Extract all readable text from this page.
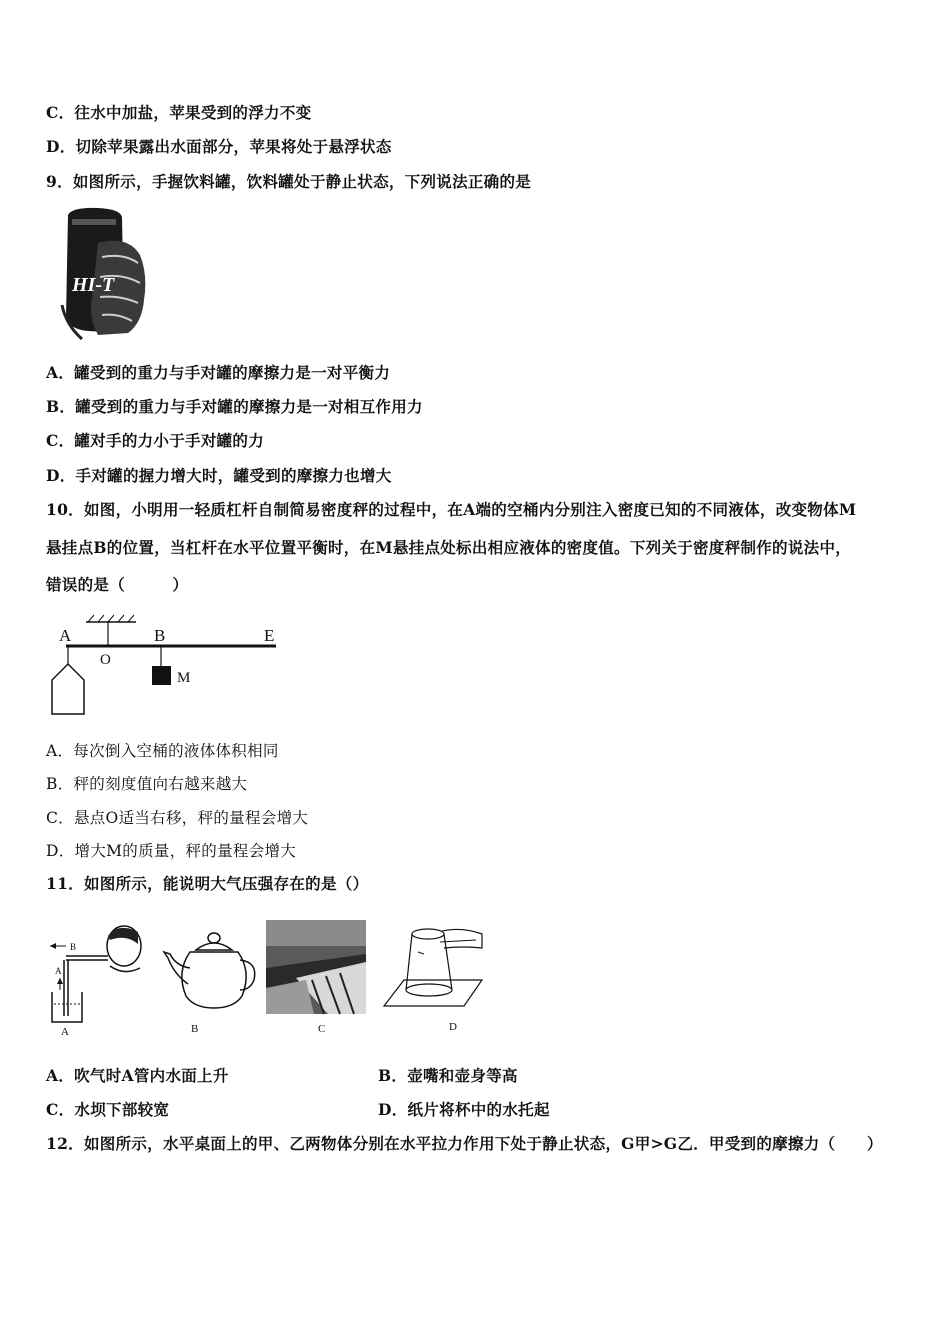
C．往水中加盐，苹果受到的浮力不变
D．切除苹果露出水面部分，苹果将处于悬浮状态
9．如图所示，手握饮料罐，饮料罐处于静止状态，下列说法正确的是
HI-T
A．罐受到的重力与手对罐的摩擦力是一对平衡力
B．罐受到的重力与手对罐的摩擦力是一对相互作用力
C．罐对手的力小于手对罐的力
D．手对罐的握力增大时，罐受到的摩擦力也增大
10．如图，小明用一轻质杠杆自制简易密度秤的过程中，在A端的空桶内分别注入密度已知的不同液体，改变物体M
悬挂点B的位置，当杠杆在水平位置平衡时，在M悬挂点处标出相应液体的密度值。下列关于密度秤制作的说法中，
错误的是（　　　）
A
O
B	E
M
A．每次倒入空桶的液体体积相同
B．秤的刻度值向右越来越大
C．悬点O适当右移，秤的量程会增大
D．增大M的质量，秤的量程会增大
11．如图所示，能说明大气压强存在的是（）
B
A
A	B	C	D
A．吹气时A管内水面上升	B．壶嘴和壶身等高
C．水坝下部较宽	D．纸片将杯中的水托起
12．如图所示，水平桌面上的甲、乙两物体分别在水平拉力作用下处于静止状态，G甲>G乙．甲受到的摩擦力（　　）
